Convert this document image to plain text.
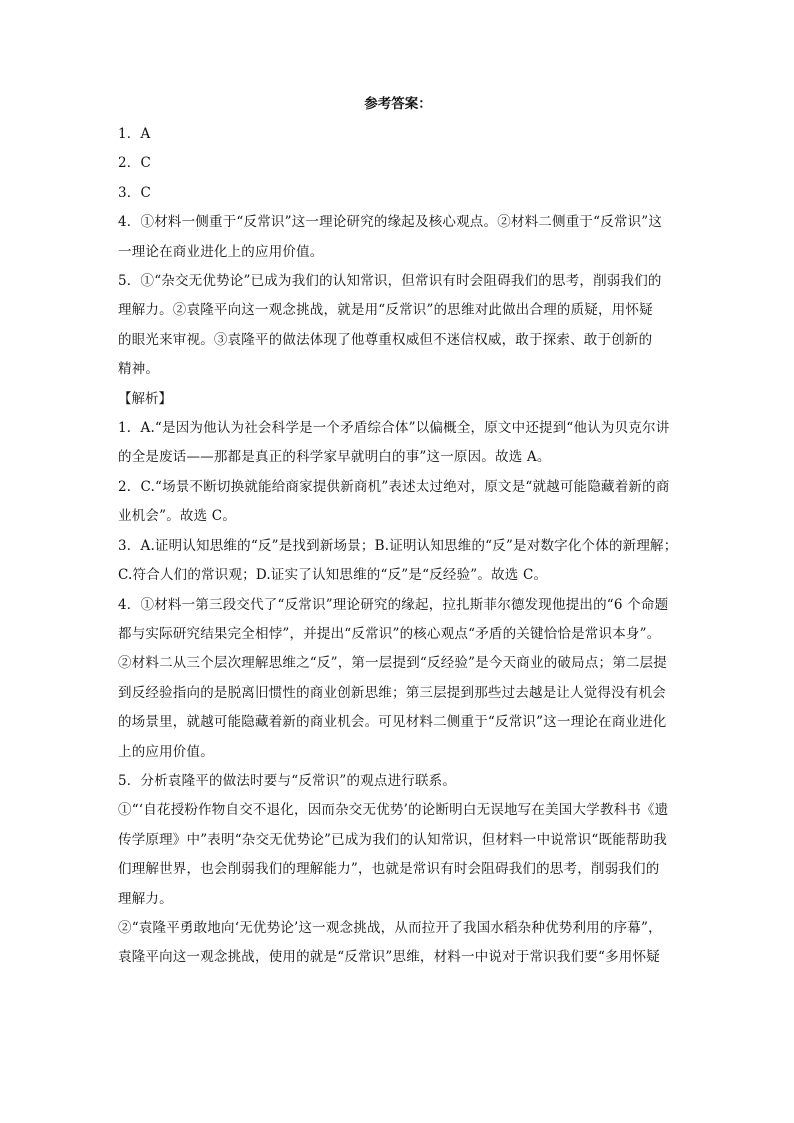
参考答案：

1．A

2．C

3．C

4．①材料一侧重于“反常识”这一理论研究的缘起及核心观点。②材料二侧重于“反常识”这

一理论在商业进化上的应用价值。

5．①“杂交无优势论”已成为我们的认知常识，但常识有时会阻碍我们的思考，削弱我们的

理解力。②袁隆平向这一观念挑战，就是用“反常识”的思维对此做出合理的质疑，用怀疑

的眼光来审视。③袁隆平的做法体现了他尊重权威但不迷信权威，敢于探索、敢于创新的

精神。

【解析】

1．A.“是因为他认为社会科学是一个矛盾综合体”以偏概全，原文中还提到“他认为贝克尔讲

的全是废话——那都是真正的科学家早就明白的事”这一原因。故选 A。

2．C.“场景不断切换就能给商家提供新商机”表述太过绝对，原文是“就越可能隐藏着新的商

业机会”。故选 C。

3．A.证明认知思维的“反”是找到新场景；B.证明认知思维的“反”是对数字化个体的新理解；

C.符合人们的常识观；D.证实了认知思维的“反”是“反经验”。故选 C。

4．①材料一第三段交代了“反常识”理论研究的缘起，拉扎斯菲尔德发现他提出的“6 个命题

都与实际研究结果完全相悖”，并提出“反常识”的核心观点“矛盾的关键恰恰是常识本身”。

②材料二从三个层次理解思维之“反”，第一层提到“反经验”是今天商业的破局点；第二层提

到反经验指向的是脱离旧惯性的商业创新思维；第三层提到那些过去越是让人觉得没有机会

的场景里，就越可能隐藏着新的商业机会。可见材料二侧重于“反常识”这一理论在商业进化

上的应用价值。

5．分析袁隆平的做法时要与“反常识”的观点进行联系。

①“‘自花授粉作物自交不退化，因而杂交无优势’的论断明白无误地写在美国大学教科书《遗

传学原理》中”表明“杂交无优势论”已成为我们的认知常识，但材料一中说常识“既能帮助我

们理解世界，也会削弱我们的理解能力”，也就是常识有时会阻碍我们的思考，削弱我们的

理解力。

②“袁隆平勇敢地向‘无优势论’这一观念挑战，从而拉开了我国水稻杂种优势利用的序幕”，

袁隆平向这一观念挑战，使用的就是“反常识”思维，材料一中说对于常识我们要“多用怀疑
